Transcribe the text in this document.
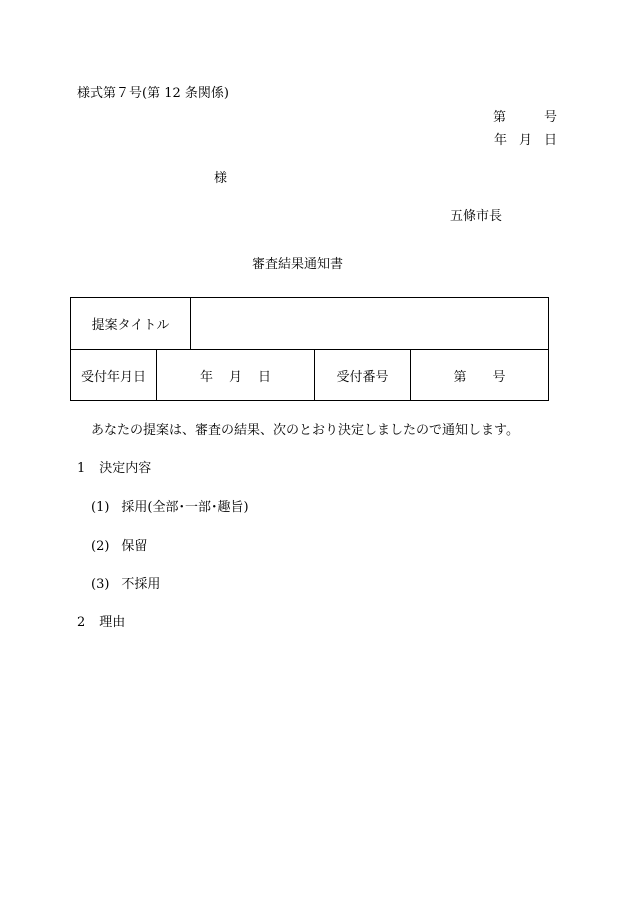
様式第７号(第 12 条関係)
第	号
年 月 日
様
五條市長
審査結果通知書
提案タイトル
受付年月日	年 月 日	受付番号	第 号
あなたの提案は、審査の結果、次のとおり決定しましたので通知します。
1 決定内容
(1) 採用(全部･一部･趣旨)
(2) 保留
(3) 不採用
2 理由
